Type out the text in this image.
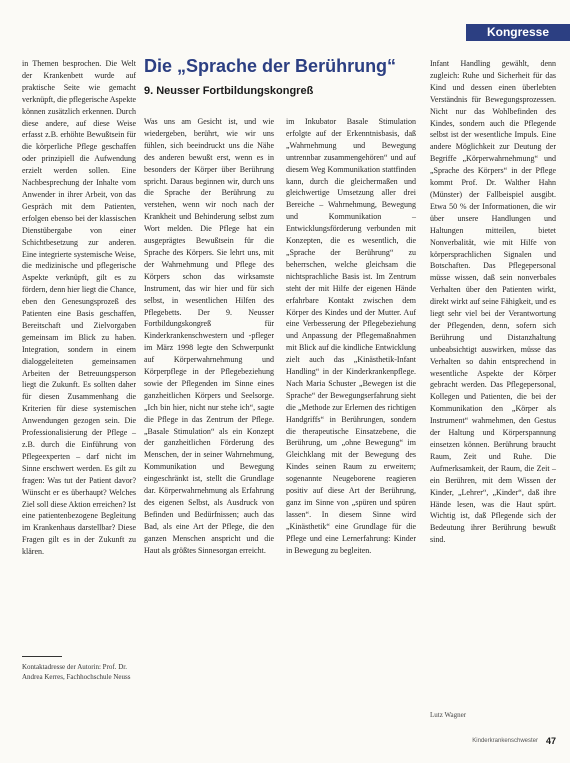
Kongresse

in Themen besprochen. Die Welt der Krankenbett wurde auf praktische Seite wie gemacht verknüpft, die pflegerische Aspekte können zusätzlich erkennen. Durch diese andere, auf diese Weise erfasst z.B. erhöhte Bewußtsein für die körperliche Pflege geschaffen oder prinzipiell die Aufwendung erzielt werden sollen. Eine Nachbesprechung der Inhalte vom Anwender in ihrer Arbeit, von das Gespräch mit dem Patienten, erfolgen ebenso bei der klassischen Dienstübergabe von einer Schichtbesetzung zur anderen. Eine integrierte systemische Weise, die medizinische und pflegerische Aspekte verknüpft, gilt es zu fördern, denn hier liegt die Chance, eben den Genesungsprozeß des Patienten eine Basis geschaffen, Bereitschaft und Zielvorgaben gemeinsam im Blick zu haben. Integration, sondern in einem dialoggeleiteten gemeinsamen Arbeiten der Betreuungsperson liegt die Zukunft. Es sollten daher für diesen Zusammenhang die Kriterien für diese systemischen Anwendungen gezogen sein. Die Professionalisierung der Pflege – z.B. durch die Einführung von Pflegeexperten – darf nicht im Sinne erschwert werden. Es gilt zu fragen: Was tut der Patient davor? Wünscht er es überhaupt? Welches Ziel soll diese Aktion erreichen? Ist eine patientenbezogene Begleitung im Krankenhaus darstellbar? Diese Fragen gilt es in der Zukunft zu klären.

Kontaktadresse der Autorin: Prof. Dr. Andrea Kerres, Fachhochschule Neuss
Die „Sprache der Berührung“
9. Neusser Fortbildungskongreß

Was uns am Gesicht ist, und wie wiedergeben, berührt, wie wir uns fühlen, sich beeindruckt uns die Nähe des anderen bewußt erst, wenn es in besonders der Körper über Berührung spricht. Daraus beginnen wir, durch uns die Sprache der Berührung zu verstehen, wenn wir noch nach der Krankheit und Behinderung selbst zum Wort melden. Die Pflege hat ein ausgeprägtes Bewußtsein für die Sprache des Körpers. Sie lehrt uns, mit der Wahrnehmung und Pflege des Körpers schon das wirksamste Instrument, das wir hier und für sich selbst, in wesentlichen Hilfen des Pflegebetts. Der 9. Neusser Fortbildungskongreß für Kinderkrankenschwestern und -pfleger im März 1998 legte den Schwerpunkt auf Körperwahrnehmung und Körperpflege in der Pflegebeziehung sowie der Pflegenden im Sinne eines ganzheitlichen Körpers und Seelsorge. „Ich bin hier, nicht nur stehe ich“, sagte die Pflege in das Zentrum der Pflege. „Basale Stimulation“ als ein Konzept der ganzheitlichen Förderung des Menschen, der in seiner Wahrnehmung, Kommunikation und Bewegung eingeschränkt ist, stellt die Grundlage dar. Körperwahrnehmung als Erfahrung des eigenen Selbst, als Ausdruck von Befinden und Bedürfnissen; auch das Bad, als eine Art der Pflege, die den ganzen Menschen anspricht und die Haut als größtes Sinnesorgan erreicht.

im Inkubator Basale Stimulation erfolgte auf der Erkenntnisbasis, daß „Wahrnehmung und Bewegung untrennbar zusammengehören“ und auf diesem Weg Kommunikation stattfinden kann, durch die gleichermaßen und gleichwertige Umsetzung aller drei Bereiche – Wahrnehmung, Bewegung und Kommunikation – Entwicklungsförderung verbunden mit Konzepten, die es wesentlich, die „Sprache der Berührung“ zu beherrschen, welche gleichsam die nichtsprachliche Basis ist. Im Zentrum steht der mit Hilfe der eigenen Hände erfahrbare Kontakt zwischen dem Körper des Kindes und der Mutter. Auf eine Verbesserung der Pflegebeziehung und Anpassung der Pflegemaßnahmen mit Blick auf die kindliche Entwicklung zielt auch das „Kinästhetik-Infant Handling“ in der Kinderkrankenpflege. Nach Maria Schuster „Bewegen ist die Sprache“ der Bewegungserfahrung sieht die „Methode zur Erlernen des richtigen Handgriffs“ in Berührungen, sondern die therapeutische Einsatzebene, die Berührung, um „ohne Bewegung“ im Gleichklang mit der Bewegung des Kindes seinen Raum zu erweitern; sogenannte Neugeborene reagieren positiv auf diese Art der Berührung, ganz im Sinne von „spüren und spüren lassen“. In diesem Sinne wird „Kinästhetik“ eine Grundlage für die Pflege und eine Lernerfahrung: Kinder in Bewegung zu begleiten.

Infant Handling gewählt, denn zugleich: Ruhe und Sicherheit für das Kind und dessen einen überlebten Verständnis für Bewegungsprozessen. Nicht nur das Wohlbefinden des Kindes, sondern auch die Pflegende selbst ist der wesentliche Impuls. Eine andere Möglichkeit zur Deutung der Begriffe „Körperwahrnehmung“ und „Sprache des Körpers“ in der Pflege kommt Prof. Dr. Walther Hahn (Münster) der Fallbeispiel ausgibt. Etwa 50 % der Informationen, die wir über unsere Handlungen und Haltungen mitteilen, bietet Nonverbalität, wie mit Hilfe von körpersprachlichen Signalen und Botschaften. Das Pflegepersonal müsse wissen, daß sein nonverbales Verhalten über den Patienten wirkt, direkt wirkt auf seine Fähigkeit, und es liegt sehr viel bei der Verantwortung der Pflegenden, denn, sofern sich Berührung und Distanzhaltung unbeabsichtigt auswirken, müsse das Verhalten so dahin entsprechend in wesentliche Aspekte der Körper gebracht werden. Das Pflegepersonal, Kollegen und Patienten, die bei der Kommunikation den „Körper als Instrument“ wahrnehmen, den Gestus der Haltung und Körperspannung einsetzen können. Berührung braucht Raum, Zeit und Ruhe. Die Aufmerksamkeit, der Raum, die Zeit – ein Berühren, mit dem Wissen der Kinder, „Lehrer“, „Kinder“, daß ihre Hände lesen, was die Haut spürt. Wichtig ist, daß Pflegende sich der Bedeutung ihrer Berührung bewußt sind.

Lutz Wagner
Kinderkrankenschwester 47
